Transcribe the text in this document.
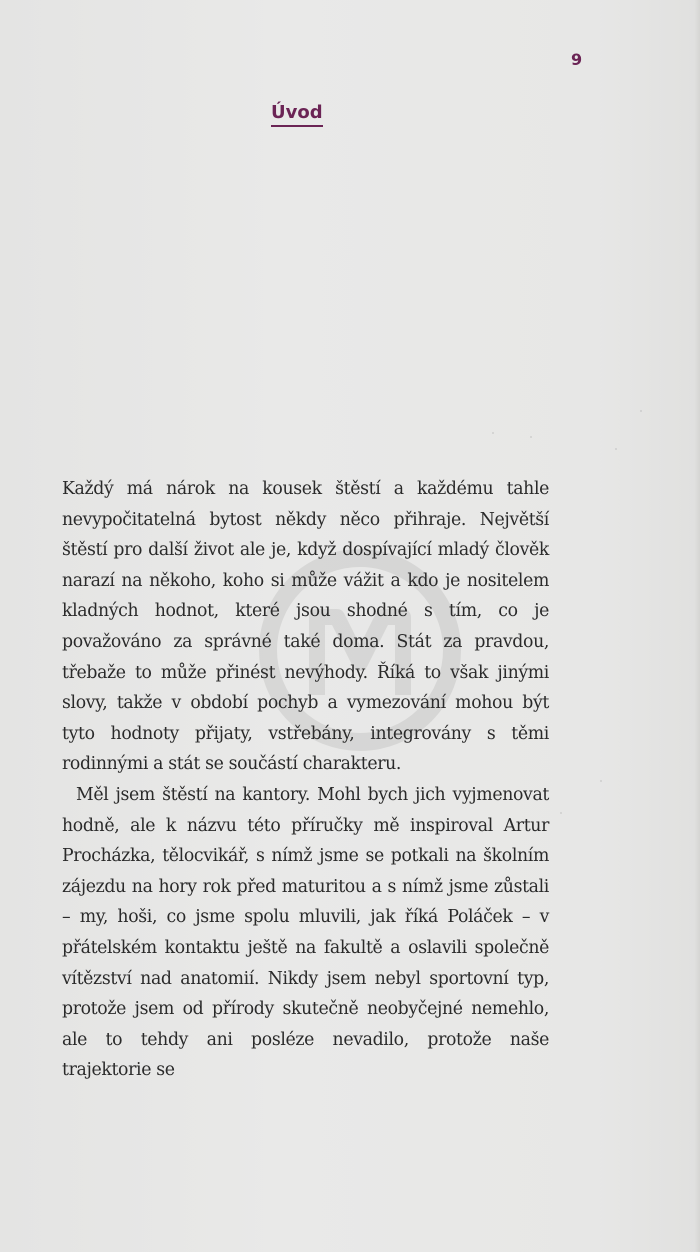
9
Úvod

Každý má nárok na kousek štěstí a každému tahle nevypočitatelná bytost někdy něco přihraje. Největší štěstí pro další život ale je, když dospívající mladý člověk narazí na někoho, koho si může vážit a kdo je nositelem kladných hodnot, které jsou shodné s tím, co je považováno za správné také doma. Stát za pravdou, třebaže to může přinést nevýhody. Říká to však jinými slovy, takže v období pochyb a vymezování mohou být tyto hodnoty přijaty, vstřebány, integrovány s těmi rodinnými a stát se součástí charakteru.

Měl jsem štěstí na kantory. Mohl bych jich vyjmenovat hodně, ale k názvu této příručky mě inspiroval Artur Procházka, tělocvikář, s nímž jsme se potkali na školním zájezdu na hory rok před maturitou a s nímž jsme zůstali – my, hoši, co jsme spolu mluvili, jak říká Poláček – v přátelském kontaktu ještě na fakultě a oslavili společně vítězství nad anatomií. Nikdy jsem nebyl sportovní typ, protože jsem od přírody skutečně neobyčejné nemehlo, ale to tehdy ani posléze nevadilo, protože naše trajektorie se
